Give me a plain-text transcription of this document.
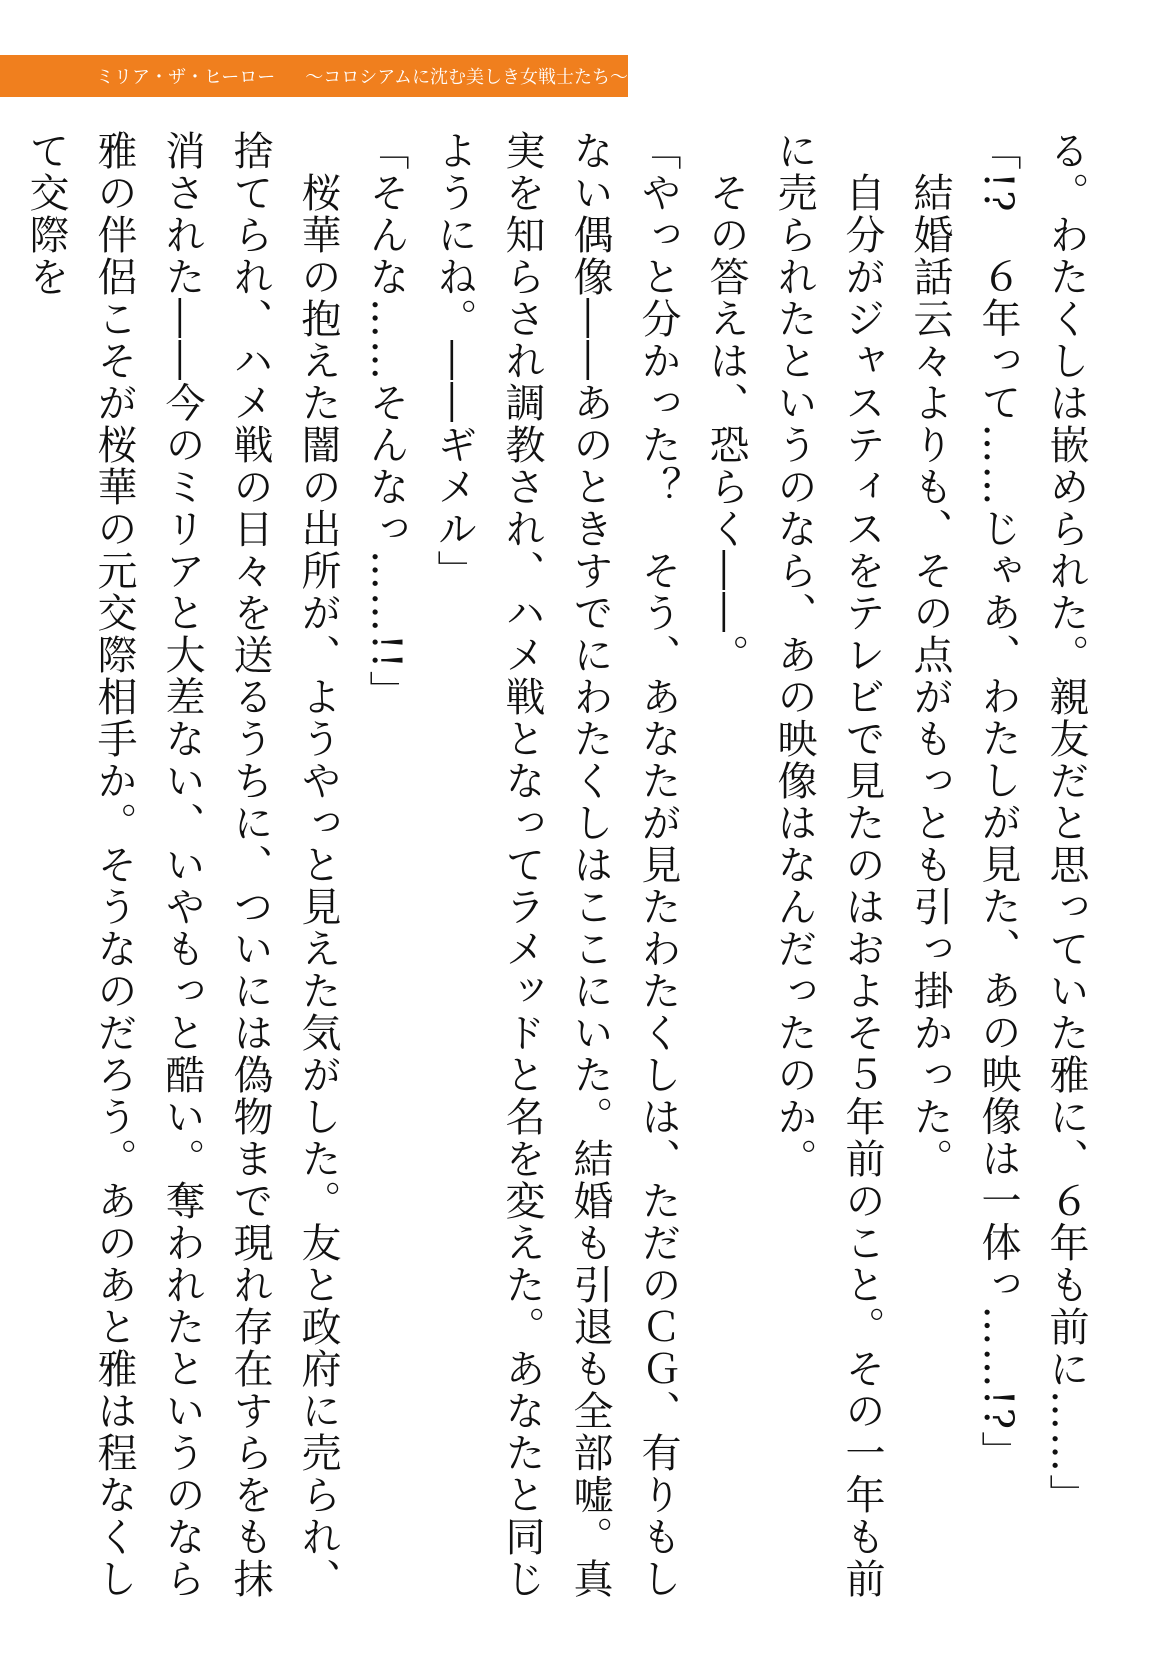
ミリア・ザ・ヒーロー 〜コロシアムに沈む美しき女戦士たち〜

る。わたくしは嵌められた。親友だと思っていた雅に、６年も前に……」

「!?　６年って……じゃあ、わたしが見た、あの映像は一体っ……!?」

　結婚話云々よりも、その点がもっとも引っ掛かった。

　自分がジャスティスをテレビで見たのはおよそ５年前のこと。その一年も前に売られたというのなら、あの映像はなんだったのか。

　その答えは、恐らく――。

「やっと分かった？　そう、あなたが見たわたくしは、ただのＣＧ、有りもしない偶像――あのときすでにわたくしはここにいた。結婚も引退も全部嘘。真実を知らされ調教され、ハメ戦となってラメッドと名を変えた。あなたと同じようにね。――ギメル」

「そんな……そんなっ……!!」

　桜華の抱えた闇の出所が、ようやっと見えた気がした。友と政府に売られ、捨てられ、ハメ戦の日々を送るうちに、ついには偽物まで現れ存在すらをも抹消された――今のミリアと大差ない、いやもっと酷い。奪われたというのなら雅の伴侶こそが桜華の元交際相手か。そうなのだろう。あのあと雅は程なくして交際を
